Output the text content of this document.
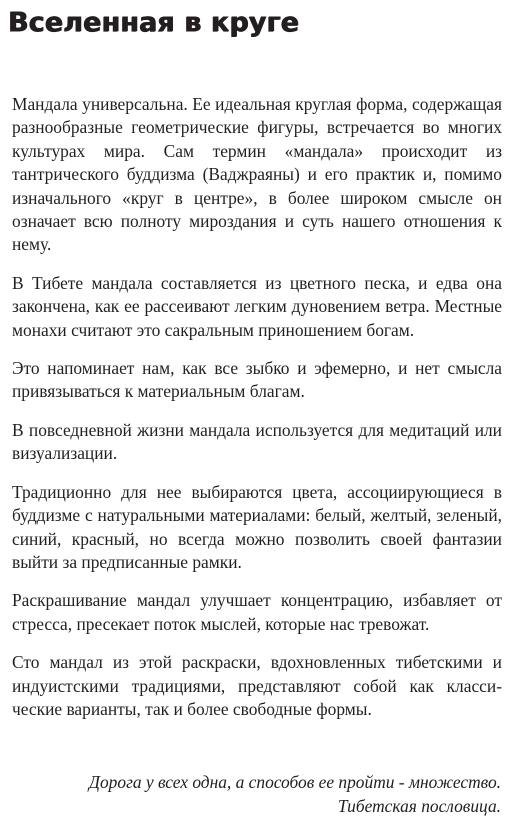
Вселенная в круге

Мандала универсальна. Ее идеальная круглая форма, содержащая разнообразные геометрические фигуры, встречается во многих культурах мира. Сам термин «мандала» происходит из тантрического буддизма (Ваджраяны) и его практик и, помимо изначального «круг в центре», в более широком смысле он означает всю полноту мироздания и суть нашего отношения к нему.

В Тибете мандала составляется из цветного песка, и едва она закончена, как ее рассеивают легким дуновением ветра. Местные монахи считают это сакральным приношением богам.

Это напоминает нам, как все зыбко и эфемерно, и нет смысла привязываться к материальным благам.

В повседневной жизни мандала используется для медитаций или визуализации.

Традиционно для нее выбираются цвета, ассоциирующиеся в буддизме с натуральными материалами: белый, желтый, зеленый, синий, красный, но всегда можно позволить своей фантазии выйти за предписанные рамки.

Раскрашивание мандал улучшает концентрацию, избавляет от стресса, пресекает поток мыслей, которые нас тревожат.

Сто мандал из этой раскраски, вдохновленных тибетскими и индуистскими традициями, представляют собой как классические варианты, так и более свободные формы.

Дорога у всех одна, а способов ее пройти - множество.
Тибетская пословица.
